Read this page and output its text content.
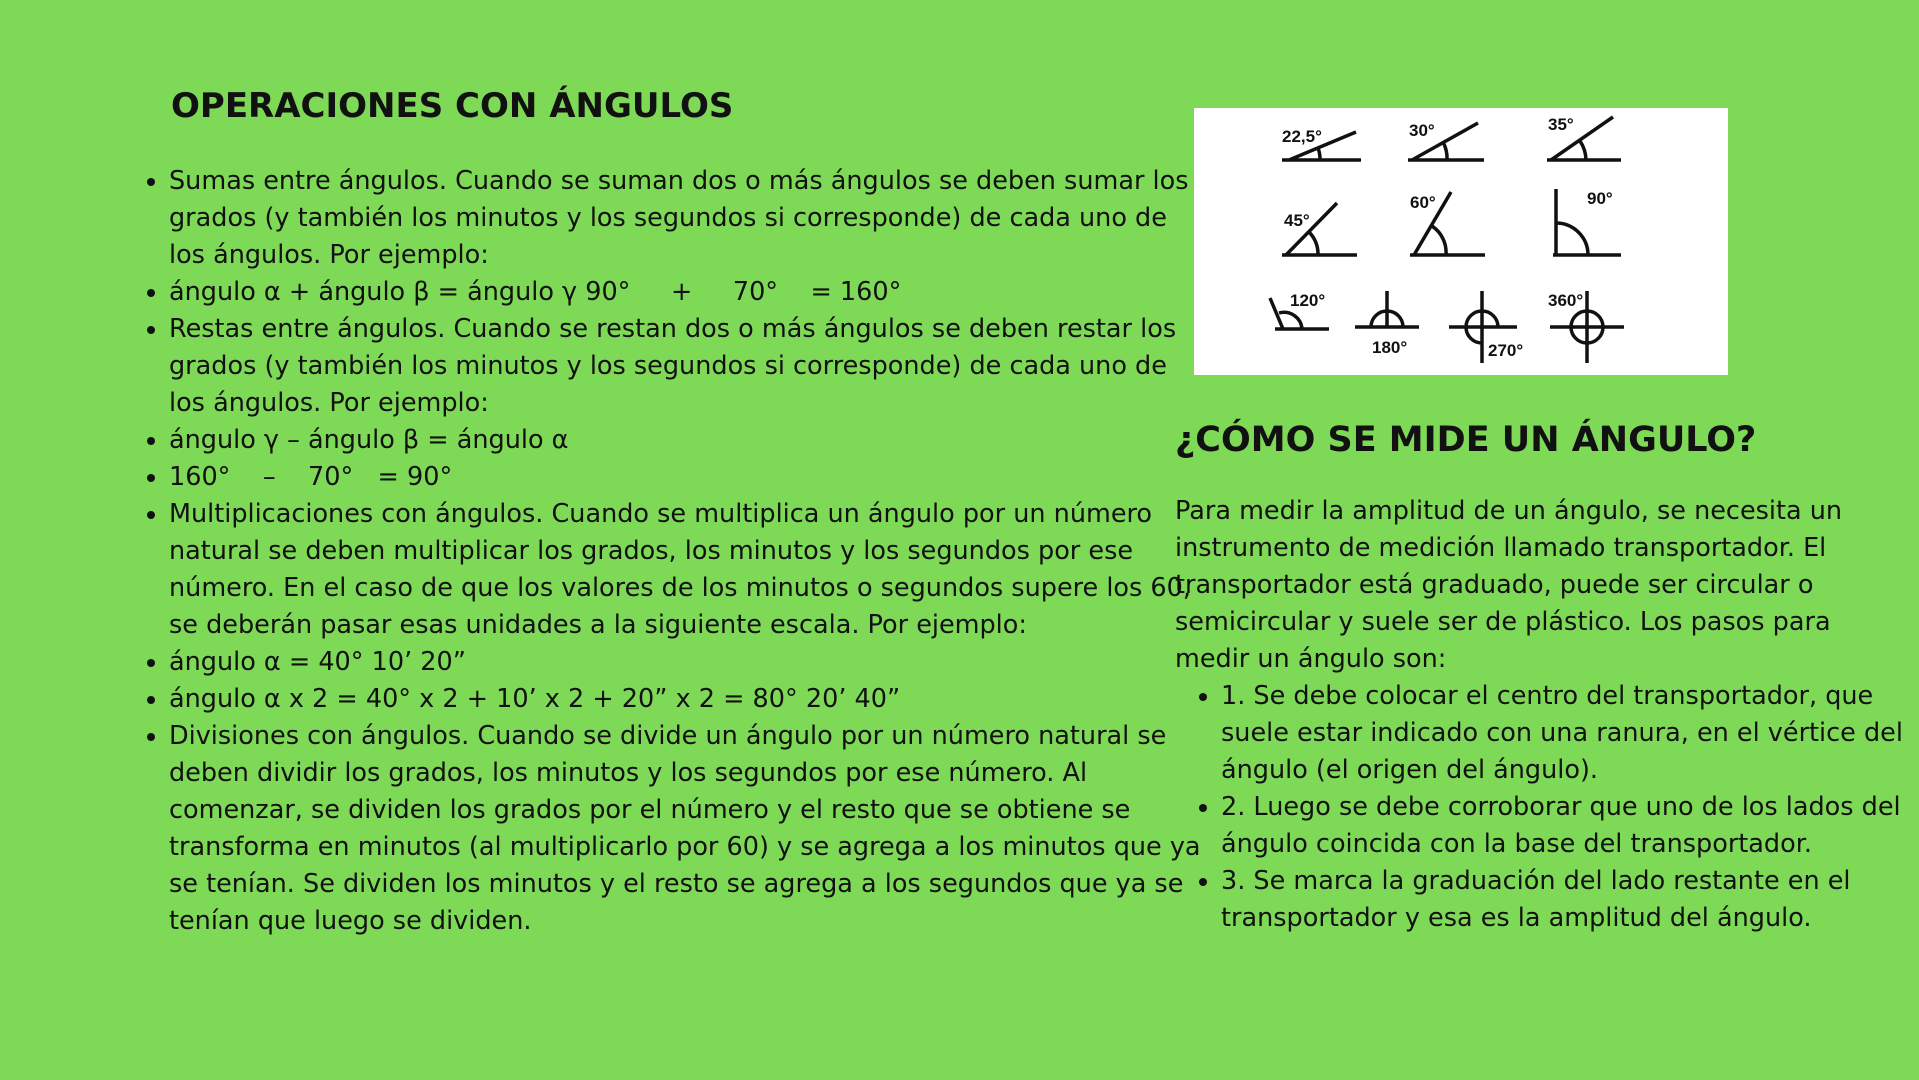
OPERACIONES CON ÁNGULOS
• Sumas entre ángulos. Cuando se suman dos o más ángulos se deben sumar los grados (y también los minutos y los segundos si corresponde) de cada uno de los ángulos. Por ejemplo:
• ángulo α + ángulo β = ángulo γ 90°     +     70°    = 160°
• Restas entre ángulos. Cuando se restan dos o más ángulos se deben restar los grados (y también los minutos y los segundos si corresponde) de cada uno de los ángulos. Por ejemplo:
• ángulo γ – ángulo β = ángulo α
• 160°    –    70°   = 90°
• Multiplicaciones con ángulos. Cuando se multiplica un ángulo por un número natural se deben multiplicar los grados, los minutos y los segundos por ese número. En el caso de que los valores de los minutos o segundos supere los 60, se deberán pasar esas unidades a la siguiente escala. Por ejemplo:
• ángulo α = 40° 10’ 20”
• ángulo α x 2 = 40° x 2 + 10’ x 2 + 20” x 2 = 80° 20’ 40”
• Divisiones con ángulos. Cuando se divide un ángulo por un número natural se deben dividir los grados, los minutos y los segundos por ese número. Al comenzar, se dividen los grados por el número y el resto que se obtiene se transforma en minutos (al multiplicarlo por 60) y se agrega a los minutos que ya se tenían. Se dividen los minutos y el resto se agrega a los segundos que ya se tenían que luego se dividen.
22,5°	30°	35°
45°
60°	90°
120°
180°	270°
360°
¿CÓMO SE MIDE UN ÁNGULO?

Para medir la amplitud de un ángulo, se necesita un instrumento de medición llamado transportador. El transportador está graduado, puede ser circular o semicircular y suele ser de plástico. Los pasos para medir un ángulo son:

• 1. Se debe colocar el centro del transportador, que suele estar indicado con una ranura, en el vértice del ángulo (el origen del ángulo).
• 2. Luego se debe corroborar que uno de los lados del ángulo coincida con la base del transportador.
• 3. Se marca la graduación del lado restante en el transportador y esa es la amplitud del ángulo.
